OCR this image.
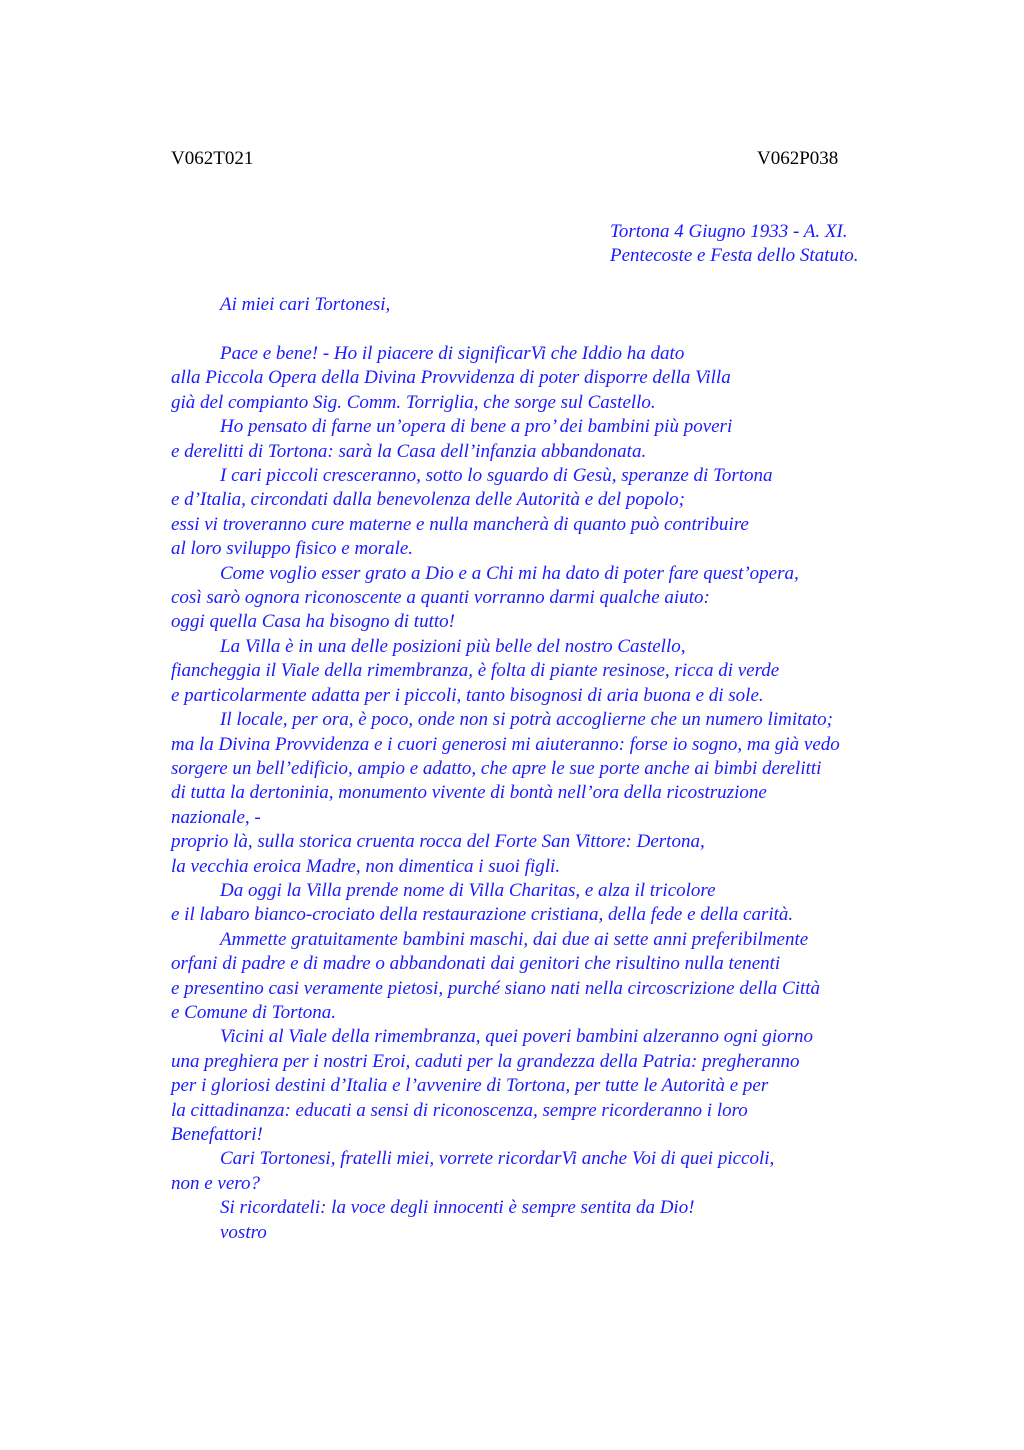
V062T021	V062P038
Tortona 4 Giugno 1933 - A. XI.
Pentecoste e Festa dello Statuto.
Ai miei cari Tortonesi,
Pace e bene! - Ho il piacere di significarVi che Iddio ha dato
alla Piccola Opera della Divina Provvidenza di poter disporre della Villa
già del compianto Sig. Comm. Torriglia, che sorge sul Castello.
Ho pensato di farne un’opera di bene a pro’ dei bambini più poveri
e derelitti di Tortona: sarà la Casa dell’infanzia abbandonata.
I cari piccoli cresceranno, sotto lo sguardo di Gesù, speranze di Tortona
e d’Italia, circondati dalla benevolenza delle Autorità e del popolo;
essi vi troveranno cure materne e nulla mancherà di quanto può contribuire
al loro sviluppo fisico e morale.
Come voglio esser grato a Dio e a Chi mi ha dato di poter fare quest’opera,
così sarò ognora riconoscente a quanti vorranno darmi qualche aiuto:
oggi quella Casa ha bisogno di tutto!
La Villa è in una delle posizioni più belle del nostro Castello,
fiancheggia il Viale della rimembranza, è folta di piante resinose, ricca di verde
e particolarmente adatta per i piccoli, tanto bisognosi di aria buona e di sole.
Il locale, per ora, è poco, onde non si potrà accoglierne che un numero limitato;
ma la Divina Provvidenza e i cuori generosi mi aiuteranno: forse io sogno, ma già vedo
sorgere un bell’edificio, ampio e adatto, che apre le sue porte anche ai bimbi derelitti
di tutta la dertoninia, monumento vivente di bontà nell’ora della ricostruzione
nazionale, -
proprio là, sulla storica cruenta rocca del Forte San Vittore: Dertona,
la vecchia eroica Madre, non dimentica i suoi figli.
Da oggi la Villa prende nome di Villa Charitas, e alza il tricolore
e il labaro bianco-crociato della restaurazione cristiana, della fede e della carità.
Ammette gratuitamente bambini maschi, dai due ai sette anni preferibilmente
orfani di padre e di madre o abbandonati dai genitori che risultino nulla tenenti
e presentino casi veramente pietosi, purché siano nati nella circoscrizione della Città
e Comune di Tortona.
Vicini al Viale della rimembranza, quei poveri bambini alzeranno ogni giorno
una preghiera per i nostri Eroi, caduti per la grandezza della Patria: pregheranno
per i gloriosi destini d’Italia e l’avvenire di Tortona, per tutte le Autorità e per
la cittadinanza: educati a sensi di riconoscenza, sempre ricorderanno i loro
Benefattori!
Cari Tortonesi, fratelli miei, vorrete ricordarVi anche Voi di quei piccoli,
non e vero?
Si ricordateli: la voce degli innocenti è sempre sentita da Dio!
vostro
